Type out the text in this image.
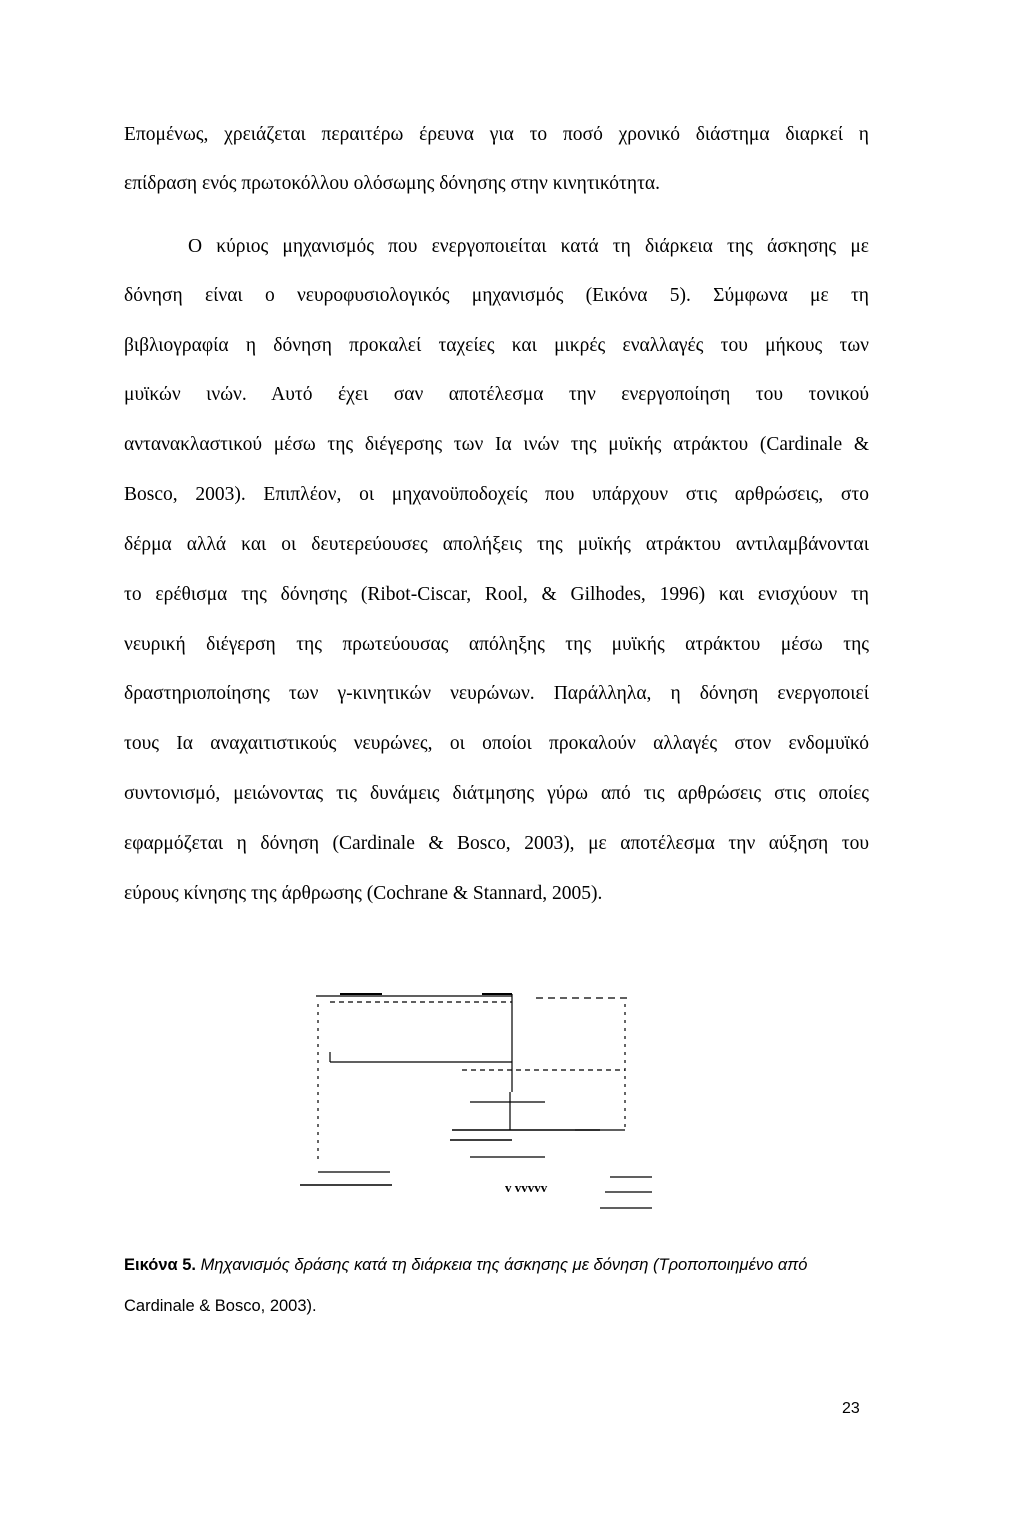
Επομένως, χρειάζεται περαιτέρω έρευνα για το ποσό χρονικό διάστημα διαρκεί η
επίδραση ενός πρωτοκόλλου ολόσωμης δόνησης στην κινητικότητα.
Ο κύριος μηχανισμός που ενεργοποιείται κατά τη διάρκεια της άσκησης με
δόνηση είναι ο νευροφυσιολογικός μηχανισμός (Εικόνα 5). Σύμφωνα με τη
βιβλιογραφία η δόνηση προκαλεί ταχείες και μικρές εναλλαγές του μήκους των
μυϊκών ινών. Αυτό έχει σαν αποτέλεσμα την ενεργοποίηση του τονικού
αντανακλαστικού μέσω της διέγερσης των Ια ινών της μυϊκής ατράκτου (Cardinale &
Bosco, 2003). Επιπλέον, οι μηχανοϋποδοχείς που υπάρχουν στις αρθρώσεις, στο
δέρμα αλλά και οι δευτερεύουσες απολήξεις της μυϊκής ατράκτου αντιλαμβάνονται
το ερέθισμα της δόνησης (Ribot-Ciscar, Rool, & Gilhodes, 1996) και ενισχύουν τη
νευρική διέγερση της πρωτεύουσας απόληξης της μυϊκής ατράκτου μέσω της
δραστηριοποίησης των γ-κινητικών νευρώνων. Παράλληλα, η δόνηση ενεργοποιεί
τους Ια αναχαιτιστικούς νευρώνες, οι οποίοι προκαλούν αλλαγές στον ενδομυϊκό
συντονισμό, μειώνοντας τις δυνάμεις διάτμησης γύρω από τις αρθρώσεις στις οποίες
εφαρμόζεται η δόνηση (Cardinale & Bosco, 2003), με αποτέλεσμα την αύξηση του
εύρους κίνησης της άρθρωσης (Cochrane & Stannard, 2005).
v vvvvv
Εικόνα 5. Μηχανισμός δράσης κατά τη διάρκεια της άσκησης με δόνηση (Τροποποιημένο από
Cardinale & Bosco, 2003).
23
